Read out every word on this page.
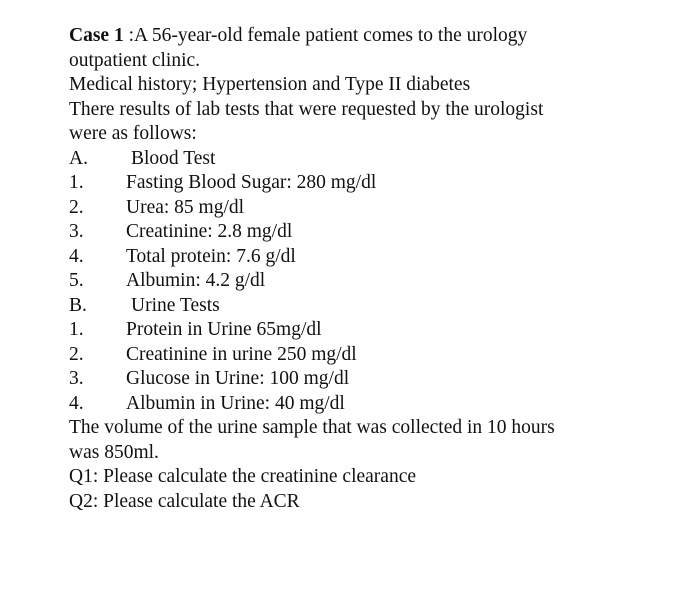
Case 1 :A 56-year-old female patient comes to the urology
outpatient clinic.
Medical history; Hypertension and Type II diabetes
There results of lab tests that were requested by the urologist
were as follows:
A.	Blood Test
1.	Fasting Blood Sugar: 280 mg/dl
2.	Urea: 85 mg/dl
3.	Creatinine: 2.8 mg/dl
4.	Total protein: 7.6 g/dl
5.	Albumin: 4.2 g/dl
B.	Urine Tests
1.	Protein in Urine 65mg/dl
2.	Creatinine in urine 250 mg/dl
3.	Glucose in Urine: 100 mg/dl
4.	Albumin in Urine: 40 mg/dl
The volume of the urine sample that was collected in 10 hours
was 850ml.
Q1: Please calculate the creatinine clearance
Q2: Please calculate the ACR
